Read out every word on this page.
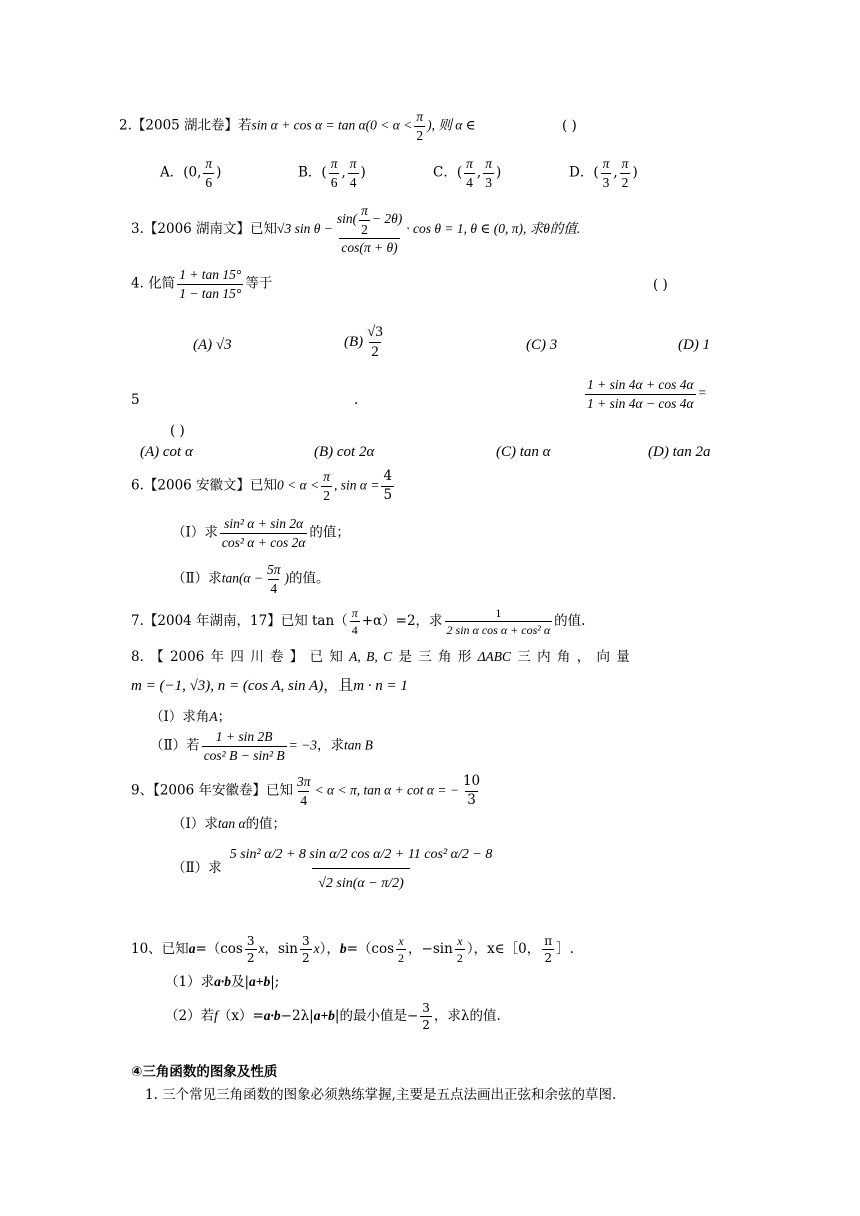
2.【2005 湖北卷】若$\sin \alpha + \cos \alpha = \tan \alpha(0 < \alpha < \frac{\pi}{2}$ ), 则 α ∈	( )
A．(0, $\frac{\pi}{6}$ )	B．( $\frac{\pi}{6}$ , $\frac{\pi}{4}$ )	C．( $\frac{\pi}{4}$ , $\frac{\pi}{3}$ )	D．( $\frac{\pi}{3}$ , $\frac{\pi}{2}$ )
3.【2006 湖南文】已知√3 $\sin \theta - \frac{\sin( \frac{\pi}{2} - 2\theta)}{\cos(\pi + \theta)} \cdot \cos \theta = 1$, θ ∈ (0, π), 求θ的值.
4. 化简 $\frac{1 + \tan 15^\circ}{1 - \tan 15^\circ}$ 等于	( )
(A) √3	$(B) \frac{√3}{2}$	(C) 3	(D) 1
5	.	$\frac{1 + \sin 4\alpha + \cos 4\alpha}{1 + \sin 4\alpha - \cos 4\alpha}$ =
( )
(A) cot α	(B) cot 2α	(C) tan α	(D) tan 2a
6.【2006 安徽文】已知$0 < \alpha < \frac{\pi}{2}$ , $\sin \alpha = \frac{4}{5}$
（Ⅰ）求 $\frac{\text{sin² α + sin 2α}}{\text{cos² α + cos 2α}}$ 的值；
（Ⅱ）求$\tan(\alpha - \frac{5\pi}{4}$ )的值。
7.【2004 年湖南，17】已知 $\tan( \frac{\pi}{4} +\alpha)=2$，求 $\frac{1}{\text{2 sin α cos α + cos² α}}$ 的值.
8. 【 2006 年 四 川 卷 】 已 知 A, B, C 是 三 角 形 ΔABC 三 内 角 ， 向 量
m = (−1, √3), n = (cos A, sin A)，且m · n = 1
（Ⅰ）求角A；
（Ⅱ）若 $\frac{1 + \sin 2B}{\text{cos² B − sin² B}} = -3$，求tan B
9、【2006 年安徽卷】已知 $\frac{3\pi}{4} < \alpha < \pi$, tan α + cot α = − $\frac{10}{3}$
（Ⅰ）求tan α的值；
（Ⅱ）求 $\frac{\text{5 sin² α/2 + 8 sin α/2 cos α/2 + 11 cos² α/2 − 8}}{√2 \sin(\alpha - \pi/2)}$
10、已知$a=(\cos \frac{3}{2}$ x，$\sin \frac{3}{2} x$），$b=(\cos \frac{x}{2}$ ，$-\sin \frac{x}{2}$ ），x∈［0， $\frac{\pi}{2}$ ］.
（1）求a·b及|a+b|;
（2）若f（x）=a·b−2λ|a+b|的最小值是− $\frac{3}{2}$ ，求λ的值.
④三角函数的图象及性质
1. 三个常见三角函数的图象必须熟练掌握,主要是五点法画出正弦和余弦的草图.
